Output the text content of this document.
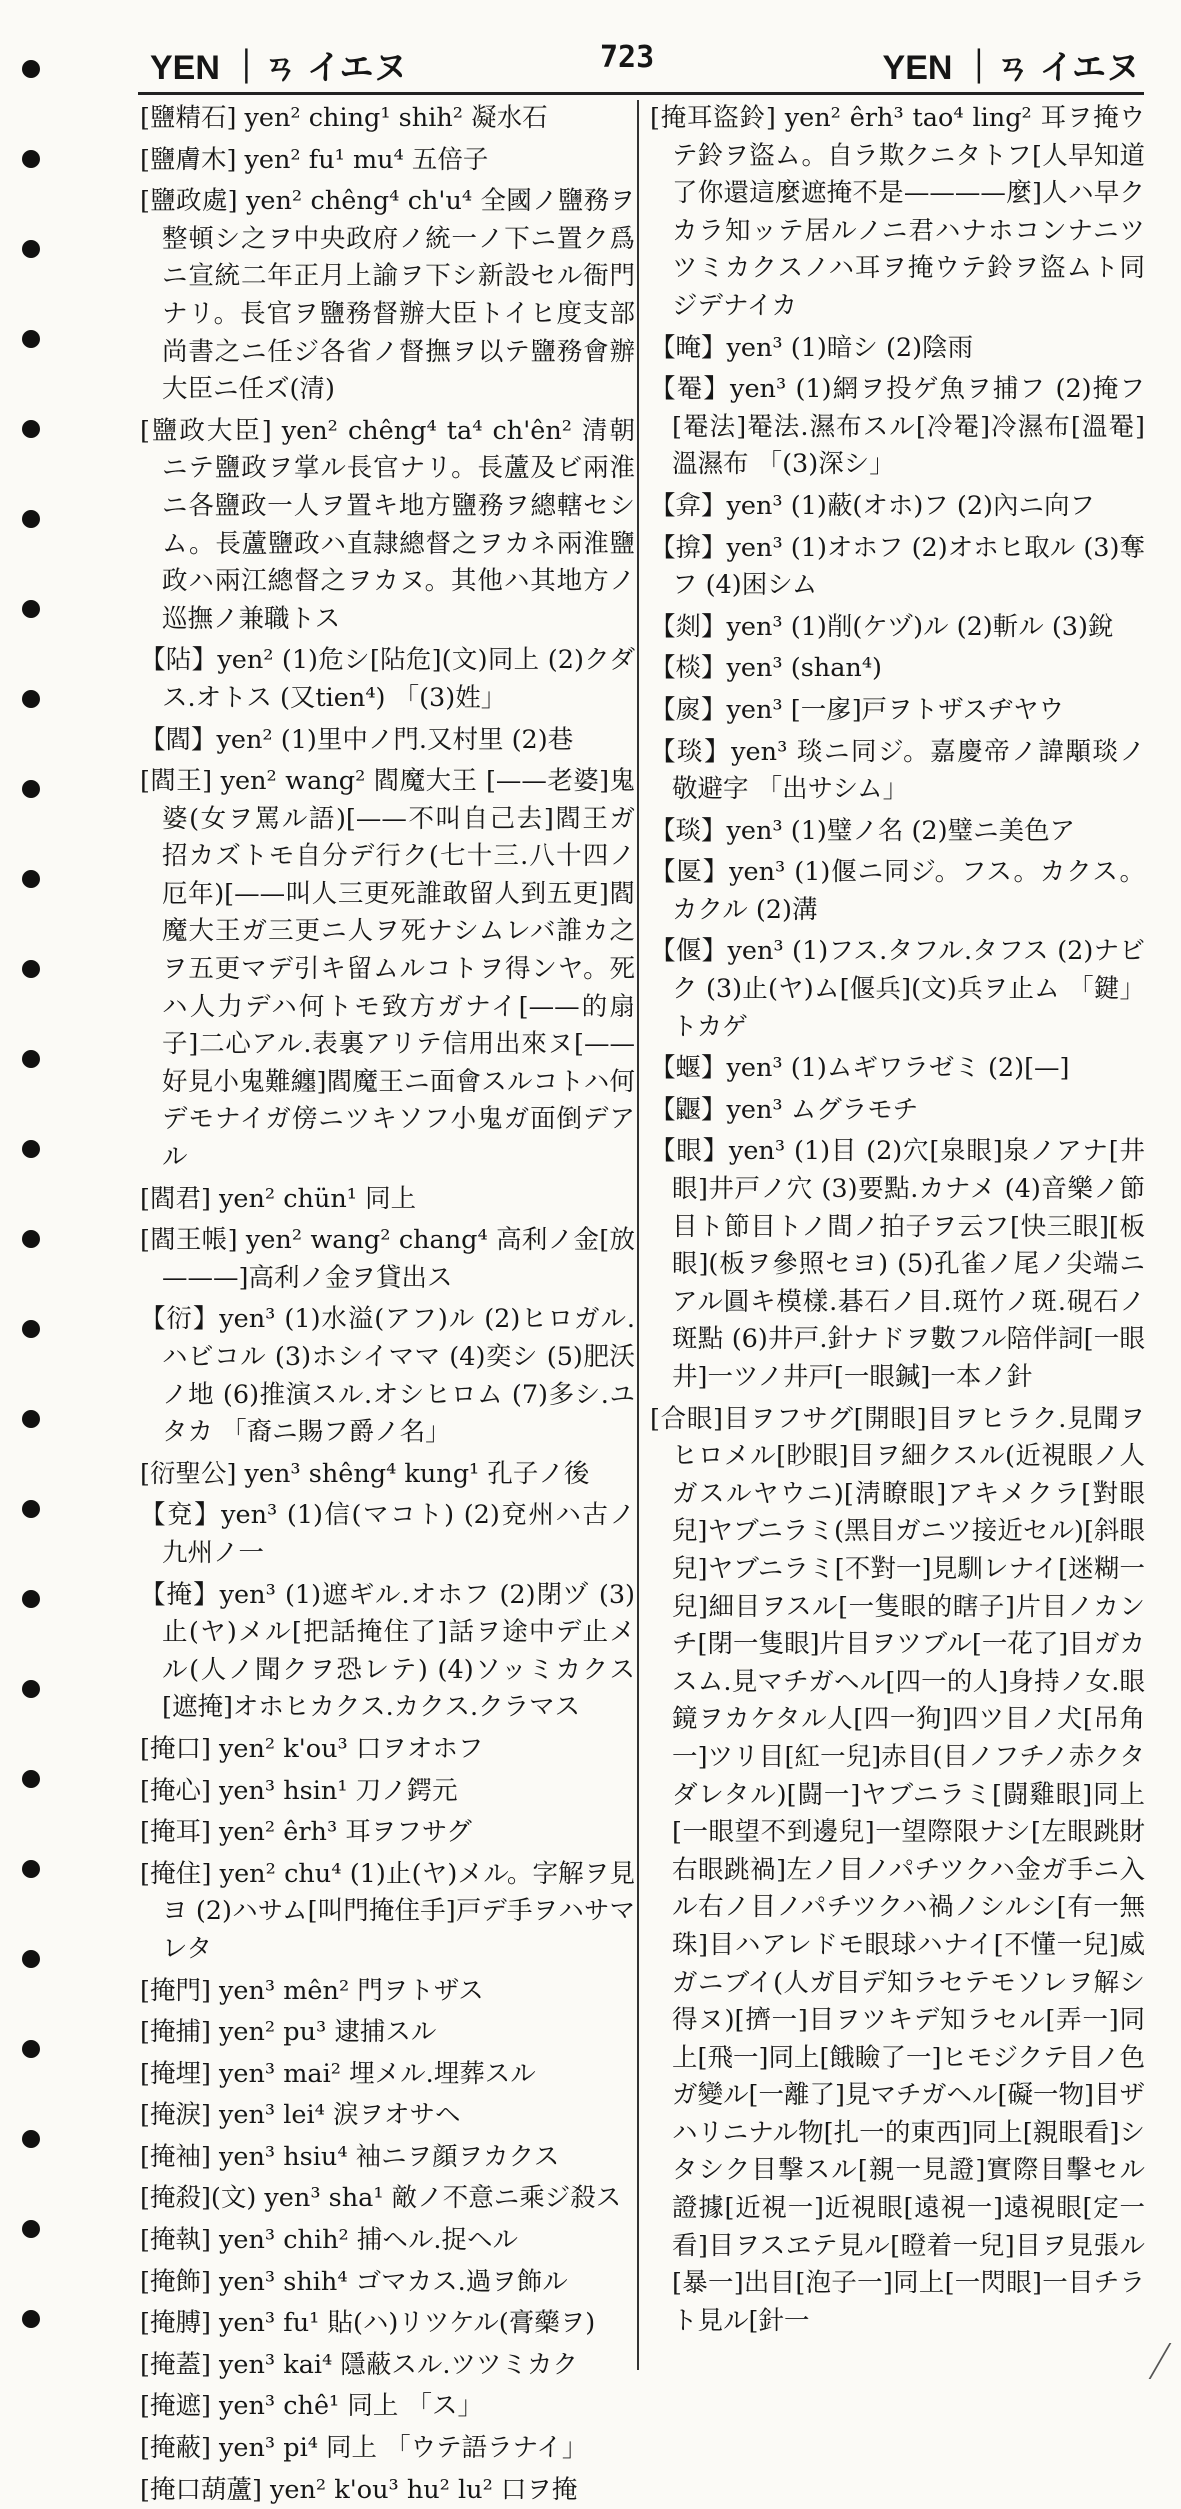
YEN ｜ㄢ イエヌ	723	YEN ｜ㄢ イエヌ

[鹽精石] yen² ching¹ shih² 凝水石

[鹽膚木] yen² fu¹ mu⁴ 五倍子

[鹽政處] yen² chêng⁴ ch'u⁴ 全國ノ鹽務ヲ整頓シ之ヲ中央政府ノ統一ノ下ニ置ク爲ニ宣統二年正月上諭ヲ下シ新設セル衙門ナリ。長官ヲ鹽務督辦大臣トイヒ度支部尚書之ニ任ジ各省ノ督撫ヲ以テ鹽務會辦大臣ニ任ズ(清)

[鹽政大臣] yen² chêng⁴ ta⁴ ch'ên² 清朝ニテ鹽政ヲ掌ル長官ナリ。長蘆及ビ兩淮ニ各鹽政一人ヲ置キ地方鹽務ヲ總轄セシム。長蘆鹽政ハ直隷總督之ヲカネ兩淮鹽政ハ兩江總督之ヲカヌ。其他ハ其地方ノ巡撫ノ兼職トス

【阽】yen² (1)危シ[阽危](文)同上 (2)クダス.オトス (又tien⁴) 「(3)姓」

【閻】yen² (1)里中ノ門.又村里 (2)巷

[閻王] yen² wang² 閻魔大王 [——老婆]鬼婆(女ヲ罵ル語)[——不叫自己去]閻王ガ招カズトモ自分デ行ク(七十三.八十四ノ厄年)[——叫人三更死誰敢留人到五更]閻魔大王ガ三更ニ人ヲ死ナシムレバ誰カ之ヲ五更マデ引キ留ムルコトヲ得ンヤ。死ハ人力デハ何トモ致方ガナイ[——的扇子]二心アル.表裏アリテ信用出來ヌ[——好見小鬼難纏]閻魔王ニ面會スルコトハ何デモナイガ傍ニツキソフ小鬼ガ面倒デアル

[閻君] yen² chün¹ 同上

[閻王帳] yen² wang² chang⁴ 高利ノ金[放———]高利ノ金ヲ貸出ス

【衍】yen³ (1)水溢(アフ)ル (2)ヒロガル.ハビコル (3)ホシイママ (4)奕シ (5)肥沃ノ地 (6)推演スル.オシヒロム (7)多シ.ユタカ 「裔ニ賜フ爵ノ名」

[衍聖公] yen³ shêng⁴ kung¹ 孔子ノ後

【兗】yen³ (1)信(マコト) (2)兗州ハ古ノ九州ノ一

【掩】yen³ (1)遮ギル.オホフ (2)閉ヅ (3)止(ヤ)メル[把話掩住了]話ヲ途中デ止メル(人ノ聞クヲ恐レテ) (4)ソッミカクス[遮掩]オホヒカクス.カクス.クラマス

[掩口] yen² k'ou³ 口ヲオホフ

[掩心] yen³ hsin¹ 刀ノ鍔元

[掩耳] yen² êrh³ 耳ヲフサグ

[掩住] yen² chu⁴ (1)止(ヤ)メル。字解ヲ見ヨ (2)ハサム[叫門掩住手]戸デ手ヲハサマレタ

[掩門] yen³ mên² 門ヲトザス

[掩捕] yen² pu³ 逮捕スル

[掩埋] yen³ mai² 埋メル.埋葬スル

[掩淚] yen³ lei⁴ 涙ヲオサヘ

[掩袖] yen³ hsiu⁴ 袖ニヲ顔ヲカクス

[掩殺](文) yen³ sha¹ 敵ノ不意ニ乘ジ殺ス

[掩執] yen³ chih² 捕ヘル.捉ヘル

[掩飾] yen³ shih⁴ ゴマカス.過ヲ飾ル

[掩膊] yen³ fu¹ 貼(ハ)リツケル(膏藥ヲ)

[掩蓋] yen³ kai⁴ 隱蔽スル.ツツミカク

[掩遮] yen³ chê¹ 同上 「ス」

[掩蔽] yen³ pi⁴ 同上 「ウテ語ラナイ」

[掩口葫蘆] yen² k'ou³ hu² lu² 口ヲ掩

[掩耳盜鈴] yen² êrh³ tao⁴ ling² 耳ヲ掩ウテ鈴ヲ盜ム。自ラ欺クニタトフ[人早知道了你還這麼遮掩不是————麼]人ハ早クカラ知ッテ居ルノニ君ハナホコンナニツツミカクスノハ耳ヲ掩ウテ鈴ヲ盜ムト同ジデナイカ

【晻】yen³ (1)暗シ (2)陰雨

【罨】yen³ (1)網ヲ投ゲ魚ヲ捕フ (2)掩フ[罨法]罨法.濕布スル[冷罨]冷濕布[溫罨]溫濕布 「(3)深シ」

【弇】yen³ (1)蔽(オホ)フ (2)內ニ向フ

【揜】yen³ (1)オホフ (2)オホヒ取ル (3)奪フ (4)困シム

【剡】yen³ (1)削(ケヅ)ル (2)斬ル (3)銳

【棪】yen³ (shan⁴)

【扊】yen³ [一扅]戸ヲトザスヂヤウ

【琰】yen³ 琰ニ同ジ。嘉慶帝ノ諱顒琰ノ敬避字 「出サシム」

【琰】yen³ (1)璧ノ名 (2)璧ニ美色ア

【匽】yen³ (1)偃ニ同ジ。フス。カクス。カクル (2)溝

【偃】yen³ (1)フス.タフル.タフス (2)ナビク (3)止(ヤ)ム[偃兵](文)兵ヲ止ム 「鍵」トカゲ

【蝘】yen³ (1)ムギワラゼミ (2)[—]

【鼴】yen³ ムグラモチ

【眼】yen³ (1)目 (2)穴[泉眼]泉ノアナ[井眼]井戸ノ穴 (3)要點.カナメ (4)音樂ノ節目ト節目トノ間ノ拍子ヲ云フ[快三眼][板眼](板ヲ參照セヨ) (5)孔雀ノ尾ノ尖端ニアル圓キ模樣.碁石ノ目.斑竹ノ斑.硯石ノ斑點 (6)井戸.針ナドヲ數フル陪伴詞[一眼井]一ツノ井戸[一眼鍼]一本ノ針

[合眼]目ヲフサグ[開眼]目ヲヒラク.見聞ヲヒロメル[眇眼]目ヲ細クスル(近視眼ノ人ガスルヤウニ)[淸瞭眼]アキメクラ[對眼兒]ヤブニラミ(黑目ガニツ接近セル)[斜眼兒]ヤブニラミ[不對一]見馴レナイ[迷糊一兒]細目ヲスル[一隻眼的瞎子]片目ノカンチ[閉一隻眼]片目ヲツブル[一花了]目ガカスム.見マチガヘル[四一的人]身持ノ女.眼鏡ヲカケタル人[四一狗]四ツ目ノ犬[吊角一]ツリ目[紅一兒]赤目(目ノフチノ赤クタダレタル)[闘一]ヤブニラミ[闘雞眼]同上[一眼望不到邊兒]一望際限ナシ[左眼跳財右眼跳禍]左ノ目ノパチツクハ金ガ手ニ入ル右ノ目ノパチツクハ禍ノシルシ[有一無珠]目ハアレドモ眼球ハナイ[不懂一兒]威ガニブイ(人ガ目デ知ラセテモソレヲ解シ得ヌ)[擠一]目ヲツキデ知ラセル[弄一]同上[飛一]同上[餓瞼了一]ヒモジクテ目ノ色ガ變ル[一離了]見マチガヘル[礙一物]目ザハリニナル物[扎一的東西]同上[親眼看]シタシク目撃スル[親一見證]實際目擊セル證據[近視一]近視眼[遠視一]遠視眼[定一看]目ヲスヱテ見ル[瞪着一兒]目ヲ見張ル[暴一]出目[泡子一]同上[一閃眼]一目チラト見ル[針一
